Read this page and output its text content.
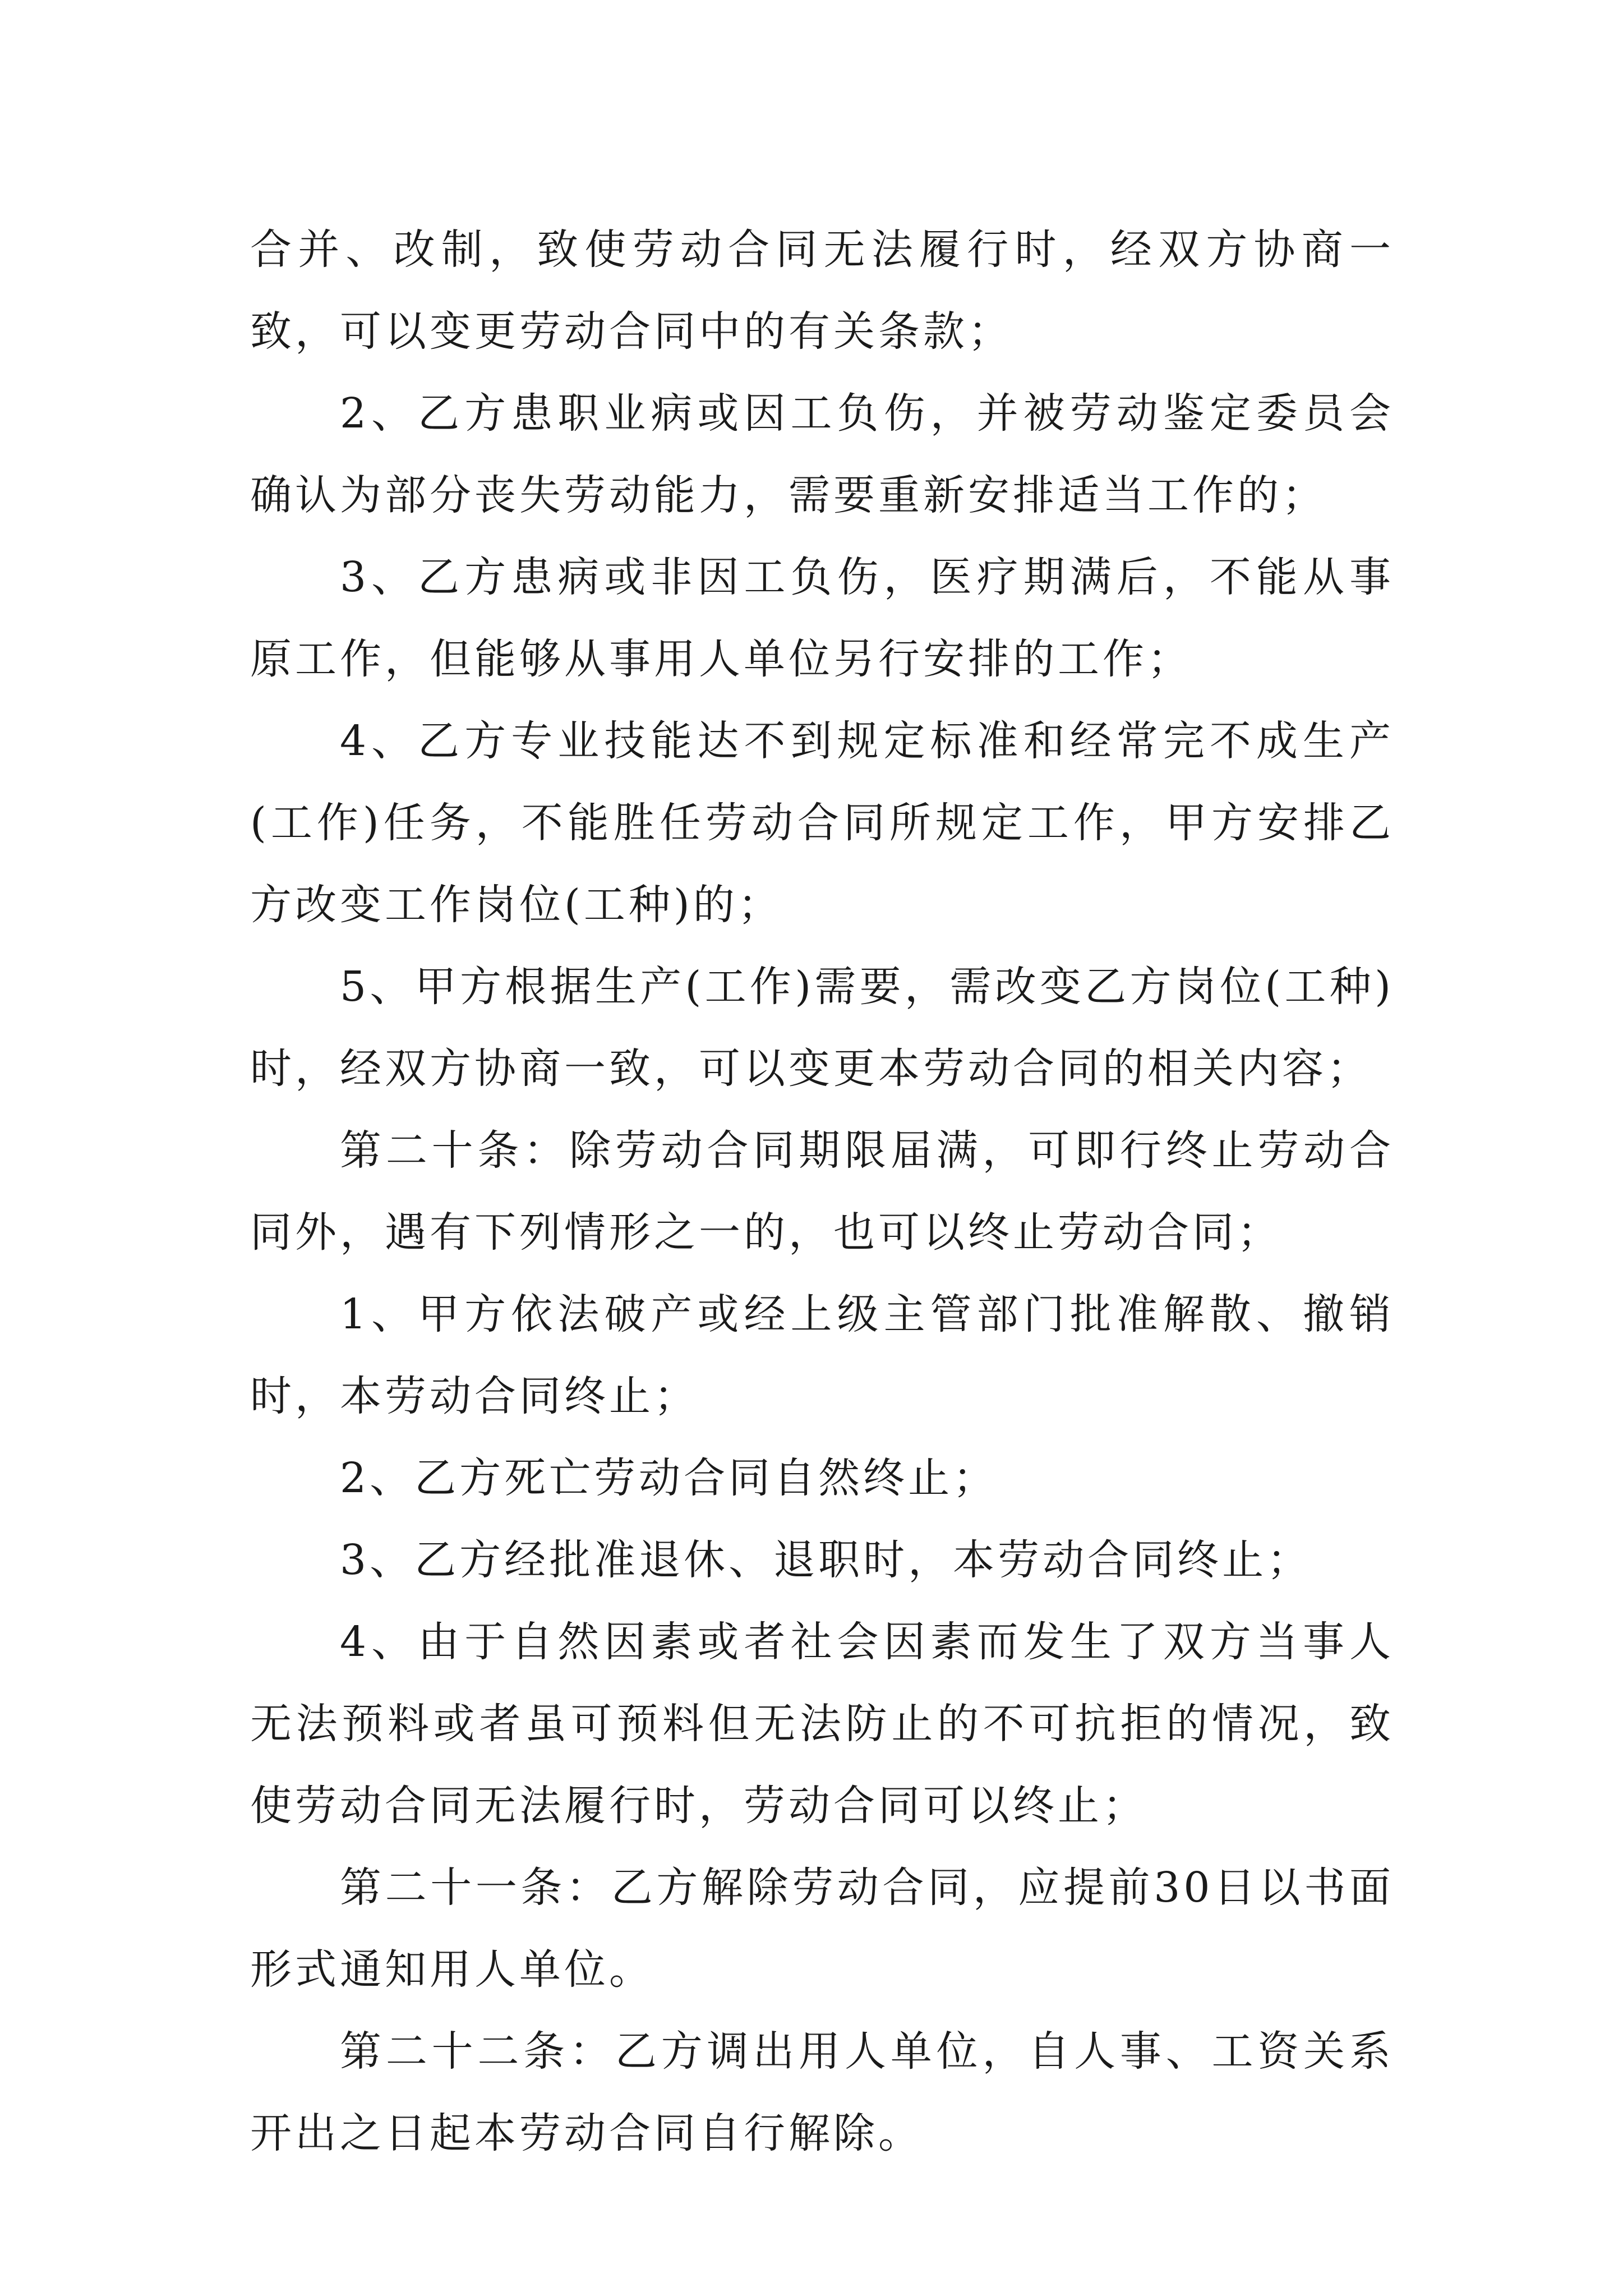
合并、改制，致使劳动合同无法履行时，经双方协商一致，可以变更劳动合同中的有关条款；

2、乙方患职业病或因工负伤，并被劳动鉴定委员会确认为部分丧失劳动能力，需要重新安排适当工作的；

3、乙方患病或非因工负伤，医疗期满后，不能从事原工作，但能够从事用人单位另行安排的工作；

4、乙方专业技能达不到规定标准和经常完不成生产(工作)任务，不能胜任劳动合同所规定工作，甲方安排乙方改变工作岗位(工种)的；

5、甲方根据生产(工作)需要，需改变乙方岗位(工种)时，经双方协商一致，可以变更本劳动合同的相关内容；

第二十条：除劳动合同期限届满，可即行终止劳动合同外，遇有下列情形之一的，也可以终止劳动合同；

1、甲方依法破产或经上级主管部门批准解散、撤销时，本劳动合同终止；

2、乙方死亡劳动合同自然终止；

3、乙方经批准退休、退职时，本劳动合同终止；

4、由于自然因素或者社会因素而发生了双方当事人无法预料或者虽可预料但无法防止的不可抗拒的情况，致使劳动合同无法履行时，劳动合同可以终止；

第二十一条：乙方解除劳动合同，应提前30日以书面形式通知用人单位。

第二十二条：乙方调出用人单位，自人事、工资关系开出之日起本劳动合同自行解除。
